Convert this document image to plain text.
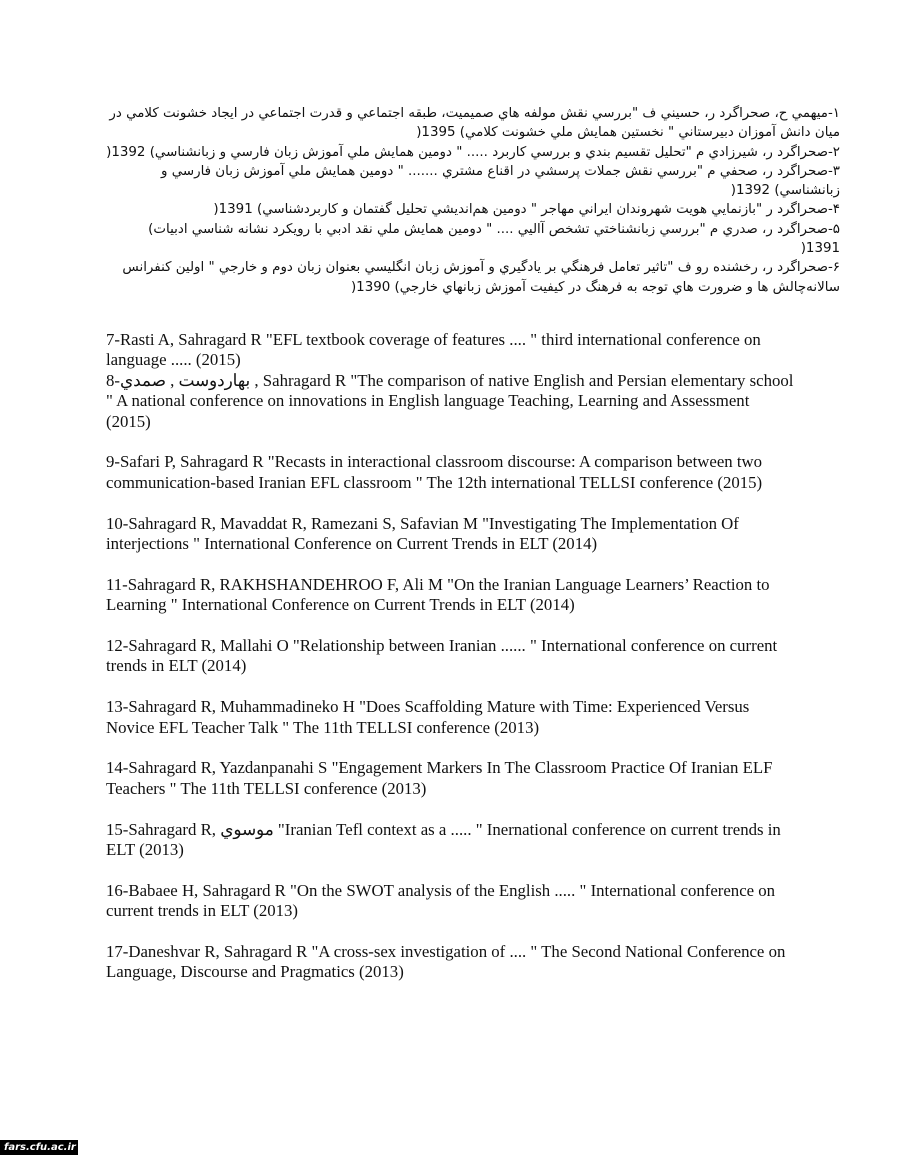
۱-ميهمي ح، صحراگرد ر، حسيني ف "بررسي نقش مولفه هاي صميميت، طبقه اجتماعي و قدرت اجتماعي در ايجاد خشونت كلامي در ميان دانش آموزان دبيرستاني " نخستين همايش ملي خشونت كلامي) 1395(

۲-صحراگرد ر، شيرزادي م "تحليل تقسيم بندي و بررسي كاربرد ..... " دومين همايش ملي آموزش زبان فارسي و زبانشناسي) 1392(

۳-صحراگرد ر، صحفي م "بررسي نقش جملات پرسشي در اقناع مشتري ....... " دومين همايش ملي آموزش زبان فارسي و زبانشناسي) 1392(

۴-صحراگرد ر "بازنمايي هويت شهروندان ايراني مهاجر " دومين هم‌انديشي تحليل گفتمان و كاربردشناسي) 1391(

۵-صحراگرد ر، صدري م "بررسي زبانشناختي تشخص آاليي .... " دومين همايش ملي نقد ادبي با رويكرد نشانه شناسي ادبيات) 1391(

۶-صحراگرد ر، رخشنده رو ف "تاثير تعامل فرهنگي بر يادگيري و آموزش زبان انگليسي بعنوان زبان دوم و خارجي " اولين كنفرانس سالانه‌چالش ها و ضرورت هاي توجه به فرهنگ در كيفيت آموزش زبانهاي خارجي) 1390(

7-Rasti A, Sahragard R "EFL textbook coverage of features .... " third international conference on language ..... (2015)

8-بهاردوست , صمدي , Sahragard R "The comparison of native English and Persian elementary school " A national conference on innovations in English language Teaching, Learning and Assessment (2015)

9-Safari P, Sahragard R "Recasts in interactional classroom discourse: A comparison between two communication-based Iranian EFL classroom " The 12th international TELLSI conference (2015)

10-Sahragard R, Mavaddat R, Ramezani S, Safavian M "Investigating The Implementation Of interjections " International Conference on Current Trends in ELT (2014)

11-Sahragard R, RAKHSHANDEHROO F, Ali M "On the Iranian Language Learners’ Reaction to Learning " International Conference on Current Trends in ELT (2014)

12-Sahragard R, Mallahi O "Relationship between Iranian ...... " International conference on current trends in ELT (2014)

13-Sahragard R, Muhammadineko H "Does Scaffolding Mature with Time: Experienced Versus Novice EFL Teacher Talk " The 11th TELLSI conference (2013)

14-Sahragard R, Yazdanpanahi S "Engagement Markers In The Classroom Practice Of Iranian ELF Teachers " The 11th TELLSI conference (2013)

15-Sahragard R, موسوي "Iranian Tefl context as a ..... " Inernational conference on current trends in ELT (2013)

16-Babaee H, Sahragard R "On the SWOT analysis of the English ..... " International conference on current trends in ELT (2013)

17-Daneshvar R, Sahragard R "A cross-sex investigation of .... " The Second National Conference on Language, Discourse and Pragmatics (2013)

fars.cfu.ac.ir
